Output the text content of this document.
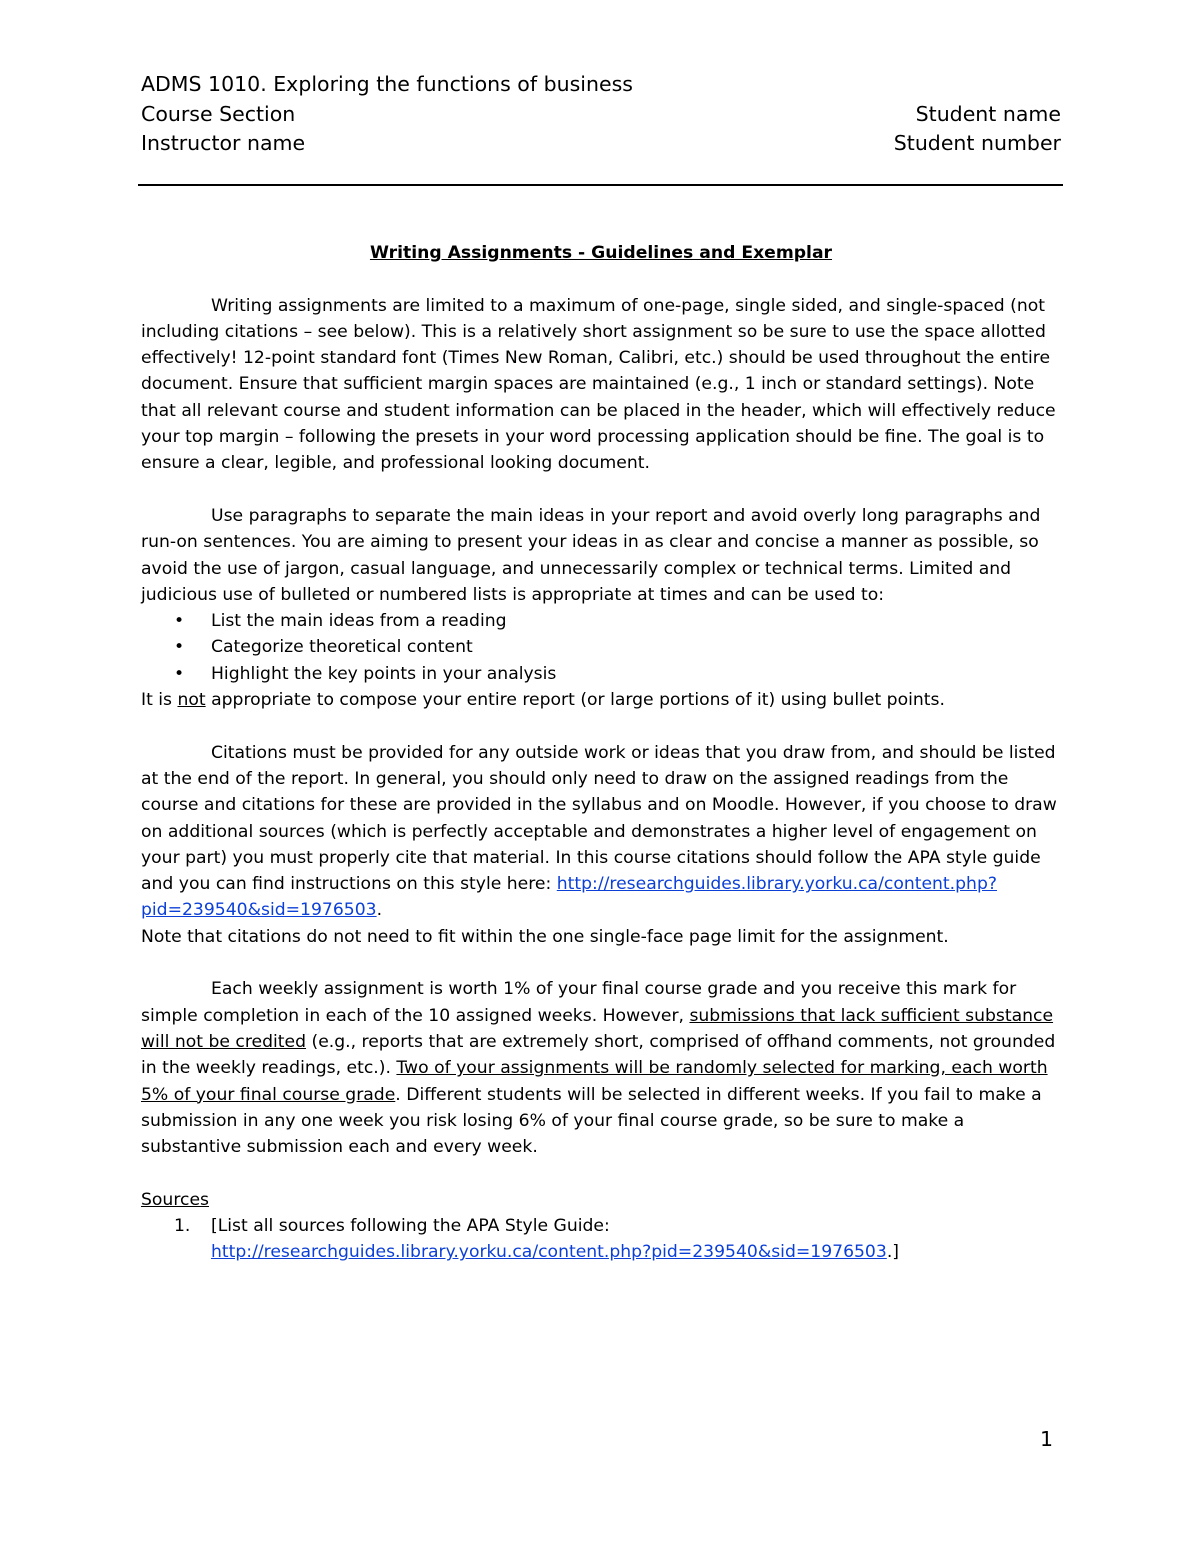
ADMS 1010. Exploring the functions of business
Course Section	Student name
Instructor name	Student number

Writing Assignments - Guidelines and Exemplar

Writing assignments are limited to a maximum of one-page, single sided, and single-spaced (not including citations – see below). This is a relatively short assignment so be sure to use the space allotted effectively! 12-point standard font (Times New Roman, Calibri, etc.) should be used throughout the entire document. Ensure that sufficient margin spaces are maintained (e.g., 1 inch or standard settings). Note that all relevant course and student information can be placed in the header, which will effectively reduce your top margin – following the presets in your word processing application should be fine. The goal is to ensure a clear, legible, and professional looking document.

Use paragraphs to separate the main ideas in your report and avoid overly long paragraphs and run-on sentences. You are aiming to present your ideas in as clear and concise a manner as possible, so avoid the use of jargon, casual language, and unnecessarily complex or technical terms. Limited and judicious use of bulleted or numbered lists is appropriate at times and can be used to:

• List the main ideas from a reading
• Categorize theoretical content
• Highlight the key points in your analysis

It is not appropriate to compose your entire report (or large portions of it) using bullet points.

Citations must be provided for any outside work or ideas that you draw from, and should be listed at the end of the report. In general, you should only need to draw on the assigned readings from the course and citations for these are provided in the syllabus and on Moodle. However, if you choose to draw on additional sources (which is perfectly acceptable and demonstrates a higher level of engagement on your part) you must properly cite that material. In this course citations should follow the APA style guide and you can find instructions on this style here: http://researchguides.library.yorku.ca/content.php?pid=239540&sid=1976503.

Note that citations do not need to fit within the one single-face page limit for the assignment.

Each weekly assignment is worth 1% of your final course grade and you receive this mark for simple completion in each of the 10 assigned weeks. However, submissions that lack sufficient substance will not be credited (e.g., reports that are extremely short, comprised of offhand comments, not grounded in the weekly readings, etc.). Two of your assignments will be randomly selected for marking, each worth 5% of your final course grade. Different students will be selected in different weeks. If you fail to make a submission in any one week you risk losing 6% of your final course grade, so be sure to make a substantive submission each and every week.

Sources

1. [List all sources following the APA Style Guide:
http://researchguides.library.yorku.ca/content.php?pid=239540&sid=1976503.]
1
